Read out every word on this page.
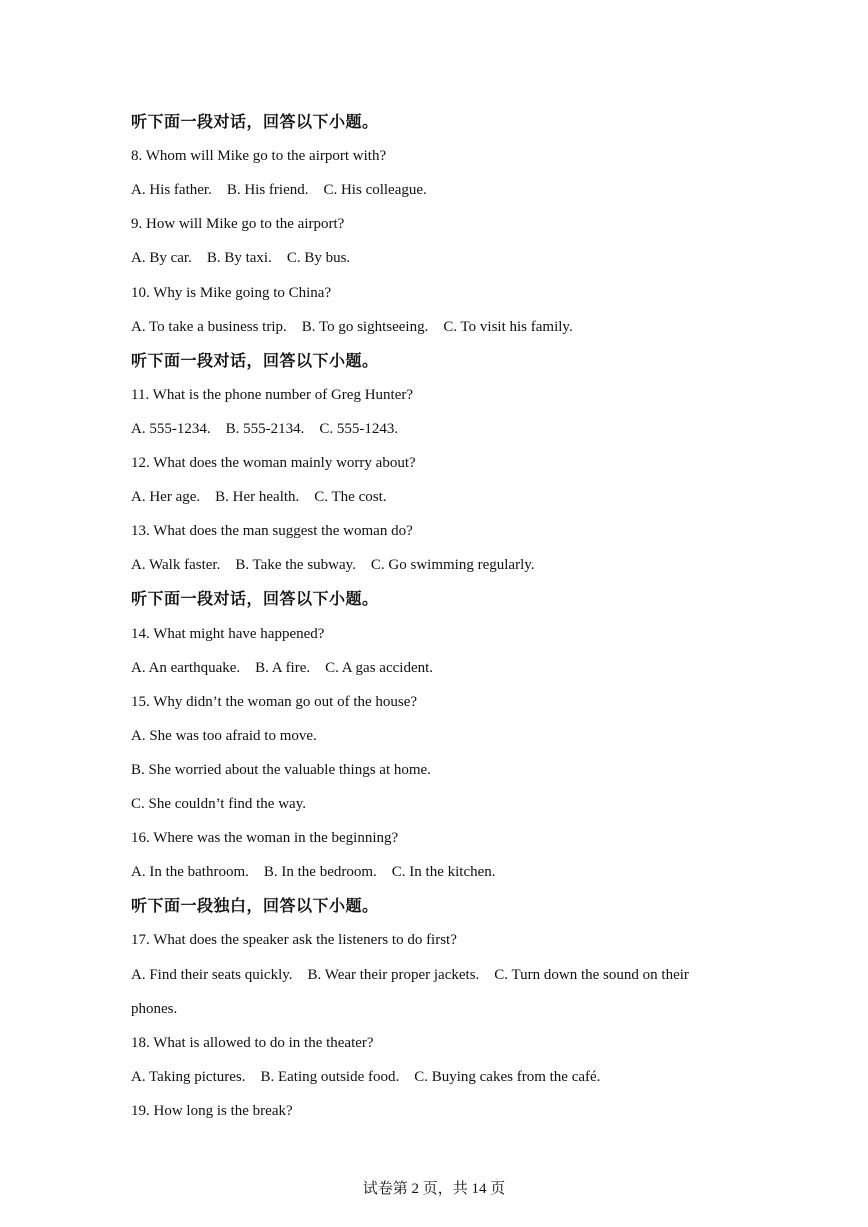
听下面一段对话，回答以下小题。
8. Whom will Mike go to the airport with?
A. His father.    B. His friend.    C. His colleague.
9. How will Mike go to the airport?
A. By car.    B. By taxi.    C. By bus.
10. Why is Mike going to China?
A. To take a business trip.    B. To go sightseeing.    C. To visit his family.
听下面一段对话，回答以下小题。
11. What is the phone number of Greg Hunter?
A. 555-1234.    B. 555-2134.    C. 555-1243.
12. What does the woman mainly worry about?
A. Her age.    B. Her health.    C. The cost.
13. What does the man suggest the woman do?
A. Walk faster.    B. Take the subway.    C. Go swimming regularly.
听下面一段对话，回答以下小题。
14. What might have happened?
A. An earthquake.    B. A fire.    C. A gas accident.
15. Why didn’t the woman go out of the house?
A. She was too afraid to move.
B. She worried about the valuable things at home.
C. She couldn’t find the way.
16. Where was the woman in the beginning?
A. In the bathroom.    B. In the bedroom.    C. In the kitchen.
听下面一段独白，回答以下小题。
17. What does the speaker ask the listeners to do first?
A. Find their seats quickly.    B. Wear their proper jackets.    C. Turn down the sound on their
phones.
18. What is allowed to do in the theater?
A. Taking pictures.    B. Eating outside food.    C. Buying cakes from the café.
19. How long is the break?
试卷第 2 页，共 14 页
